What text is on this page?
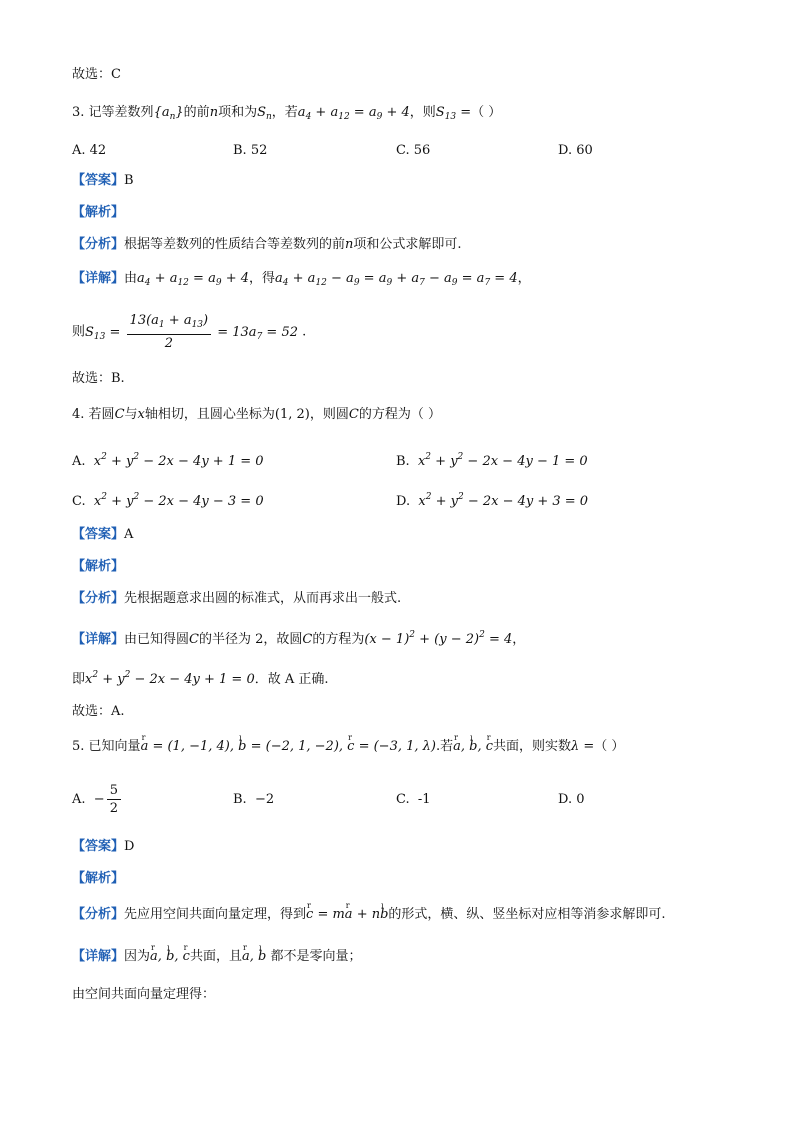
故选：C
3. 记等差数列$\{a_n\}$的前n项和为$S_n$，若$a_4 + a_{12} = a_9 + 4$，则$S_{13}$ =（ ）
A. 42	B. 52	C. 56	D. 60
【答案】B
【解析】
【分析】根据等差数列的性质结合等差数列的前n项和公式求解即可.
【详解】由$a_4 + a_{12} = a_9 + 4$，得$a_4 + a_{12} - a_9 = a_9 + a_7 - a_9 = a_7 = 4$，
则$S_{13} = \frac{13(a_1 + a_{13})}{2} = 13a_7 = 52$ .
故选：B.
4. 若圆C与x轴相切，且圆心坐标为(1, 2)，则圆C的方程为（ ）
A. $x^2 + y^2 - 2x - 4y + 1 = 0$	B. $x^2 + y^2 - 2x - 4y - 1 = 0$
C. $x^2 + y^2 - 2x - 4y - 3 = 0$	D. $x^2 + y^2 - 2x - 4y + 3 = 0$
【答案】A
【解析】
【分析】先根据题意求出圆的标准式，从而再求出一般式.
【详解】由已知得圆C的半径为 2，故圆C的方程为$(x - 1)^2 + (y - 2)^2 = 4$，
即$x^2 + y^2 - 2x - 4y + 1 = 0$．故 A 正确.
故选：A.
5. 已知向量r a = (1, −1, 4), ı b = (−2, 1, −2), r c = (−3, 1, λ).若r a, ı b, r c共面，则实数λ =（ ）
A.  − $\frac{5}{2}$	B. −2	C. -1	D. 0
【答案】D
【解析】
【分析】先应用空间共面向量定理，得到r c = mr a + nı b的形式，横、纵、竖坐标对应相等消参求解即可.
【详解】因为r a, ı b, r c共面，且r a, ı b 都不是零向量；
由空间共面向量定理得：
